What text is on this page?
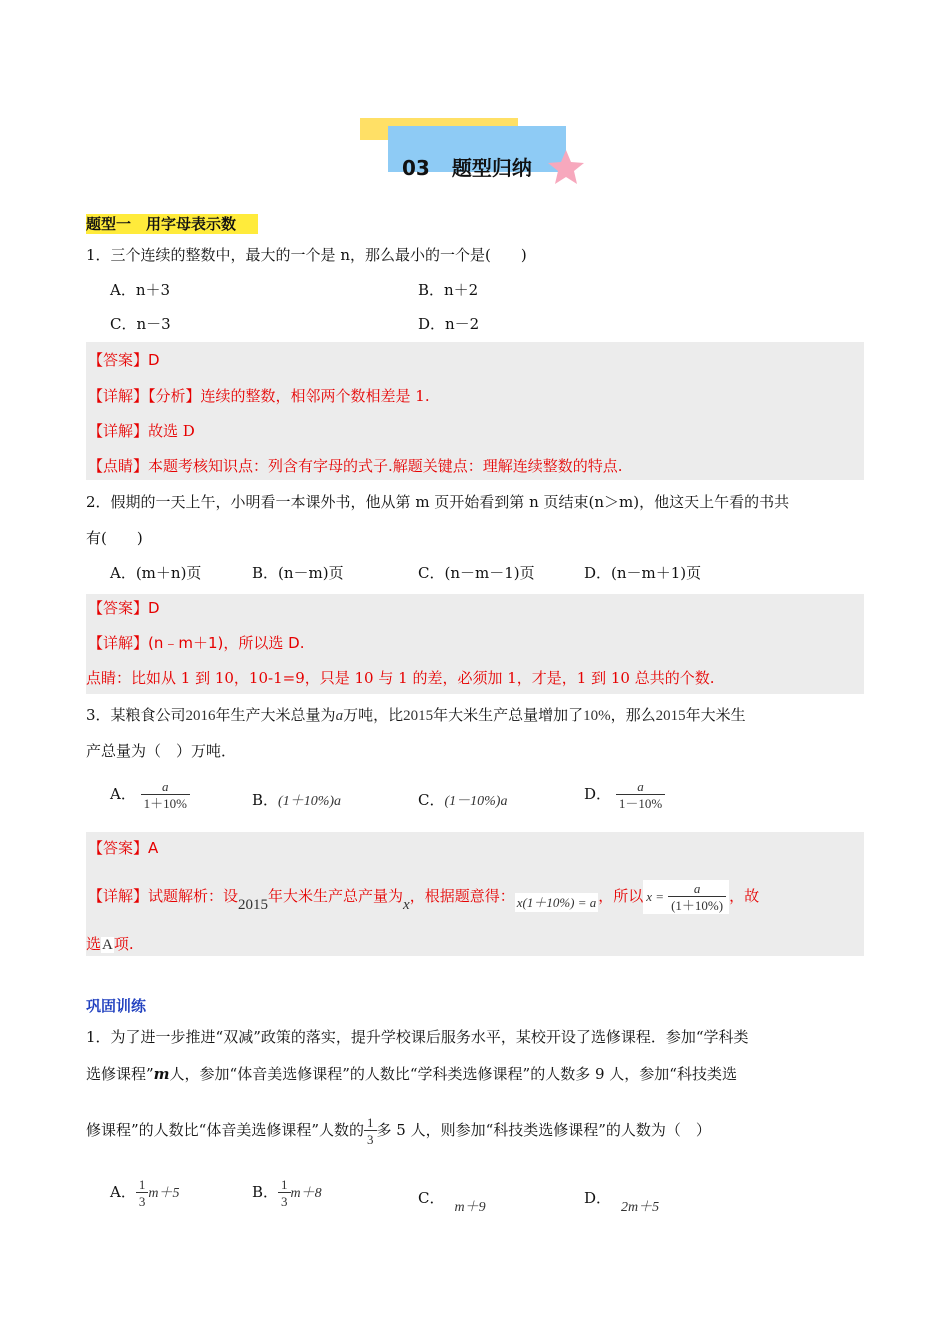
03 题型归纳
题型一　用字母表示数
1．三个连续的整数中，最大的一个是 n，那么最小的一个是(　　)
A．n＋3	B．n＋2
C．n－3	D．n－2
【答案】D
【详解】【分析】连续的整数，相邻两个数相差是 1.
【详解】故选 D
【点睛】本题考核知识点：列含有字母的式子.解题关键点：理解连续整数的特点.
2．假期的一天上午，小明看一本课外书，他从第 m 页开始看到第 n 页结束(n＞m)，他这天上午看的书共
有(　　)
A．(m＋n)页	B．(n－m)页	C．(n－m－1)页	D．(n－m＋1)页
【答案】D
【详解】(n﹣m＋1)，所以选 D.
点睛：比如从 1 到 10，10-1=9，只是 10 与 1 的差，必须加 1，才是，1 到 10 总共的个数.
3．某粮食公司2016年生产大米总量为a万吨，比2015年大米生产总量增加了10%，那么2015年大米生
产总量为（　）万吨．
A． $\frac{a}{1+10\%}$	B．(1＋10%)a	C．(1－10%)a	D． $\frac{a}{1-10\%}$
【答案】A
【详解】试题解析：设2015年大米生产总产量为x，根据题意得： x(1＋10%) = a ，所以 $x = \frac{a}{(1+10\%)}$ ，故
选A项.
巩固训练
1．为了进一步推进“双减”政策的落实，提升学校课后服务水平，某校开设了选修课程．参加“学科类
选修课程”m人，参加“体音美选修课程”的人数比“学科类选修课程”的人数多 9 人，参加“科技类选
修课程”的人数比“体音美选修课程”人数的 $\frac{1}{3}$ 多 5 人，则参加“科技类选修课程”的人数为（　）
A． $\frac{1}{3} m+5$	B． $\frac{1}{3} m+8$	C．m＋9
D．2m＋5
